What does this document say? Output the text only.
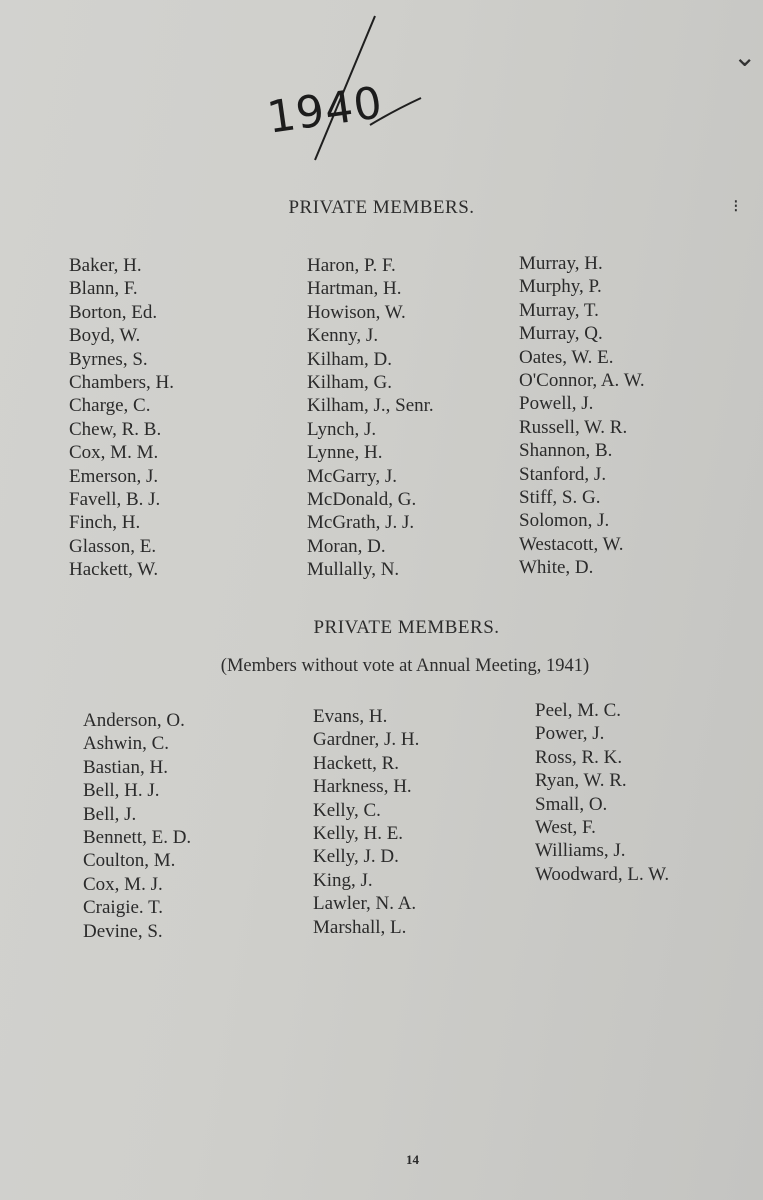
1940
⌄
⁝
PRIVATE MEMBERS.
Baker, H.
Blann, F.
Borton, Ed.
Boyd, W.
Byrnes, S.
Chambers, H.
Charge, C.
Chew, R. B.
Cox, M. M.
Emerson, J.
Favell, B. J.
Finch, H.
Glasson, E.
Hackett, W.
Haron, P. F.
Hartman, H.
Howison, W.
Kenny, J.
Kilham, D.
Kilham, G.
Kilham, J., Senr.
Lynch, J.
Lynne, H.
McGarry, J.
McDonald, G.
McGrath, J. J.
Moran, D.
Mullally, N.
Murray, H.
Murphy, P.
Murray, T.
Murray, Q.
Oates, W. E.
O'Connor, A. W.
Powell, J.
Russell, W. R.
Shannon, B.
Stanford, J.
Stiff, S. G.
Solomon, J.
Westacott, W.
White, D.
PRIVATE MEMBERS.
(Members without vote at Annual Meeting, 1941)
Anderson, O.
Ashwin, C.
Bastian, H.
Bell, H. J.
Bell, J.
Bennett, E. D.
Coulton, M.
Cox, M. J.
Craigie. T.
Devine, S.
Evans, H.
Gardner, J. H.
Hackett, R.
Harkness, H.
Kelly, C.
Kelly, H. E.
Kelly, J. D.
King, J.
Lawler, N. A.
Marshall, L.
Peel, M. C.
Power, J.
Ross, R. K.
Ryan, W. R.
Small, O.
West, F.
Williams, J.
Woodward, L. W.
14
